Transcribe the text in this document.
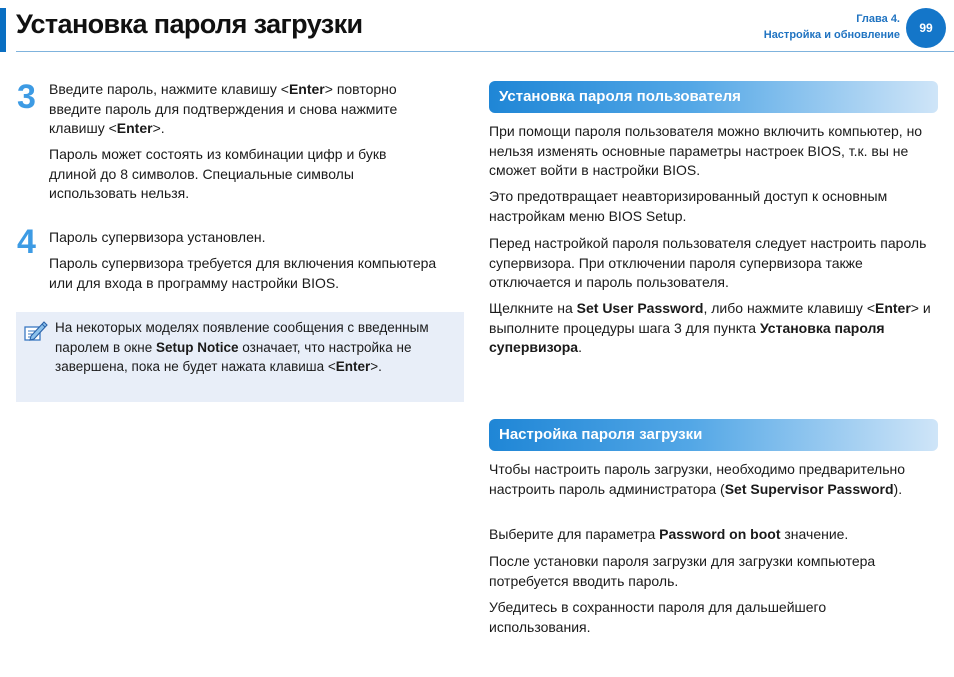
Установка пароля загрузки	Глава 4.
Настройка и обновление	99
3 Введите пароль, нажмите клавишу <Enter> повторно введите пароль для подтверждения и снова нажмите клавишу <Enter>.

Пароль может состоять из комбинации цифр и букв длиной до 8 символов. Специальные символы использовать нельзя.

4 Пароль супервизора установлен.

Пароль супервизора требуется для включения компьютера или для входа в программу настройки BIOS.

На некоторых моделях появление сообщения с введенным паролем в окне Setup Notice означает, что настройка не завершена, пока не будет нажата клавиша <Enter>.

Установка пароля пользователя

При помощи пароля пользователя можно включить компьютер, но нельзя изменять основные параметры настроек BIOS, т.к. вы не сможет войти в настройки BIOS.

Это предотвращает неавторизированный доступ к основным настройкам меню BIOS Setup.

Перед настройкой пароля пользователя следует настроить пароль супервизора. При отключении пароля супервизора также отключается и пароль пользователя.

Щелкните на Set User Password, либо нажмите клавишу <Enter> и выполните процедуры шага 3 для пункта Установка пароля супервизора.

Настройка пароля загрузки

Чтобы настроить пароль загрузки, необходимо предварительно настроить пароль администратора (Set Supervisor Password).

Выберите для параметра Password on boot значение.

После установки пароля загрузки для загрузки компьютера потребуется вводить пароль.

Убедитесь в сохранности пароля для дальшейшего использования.
